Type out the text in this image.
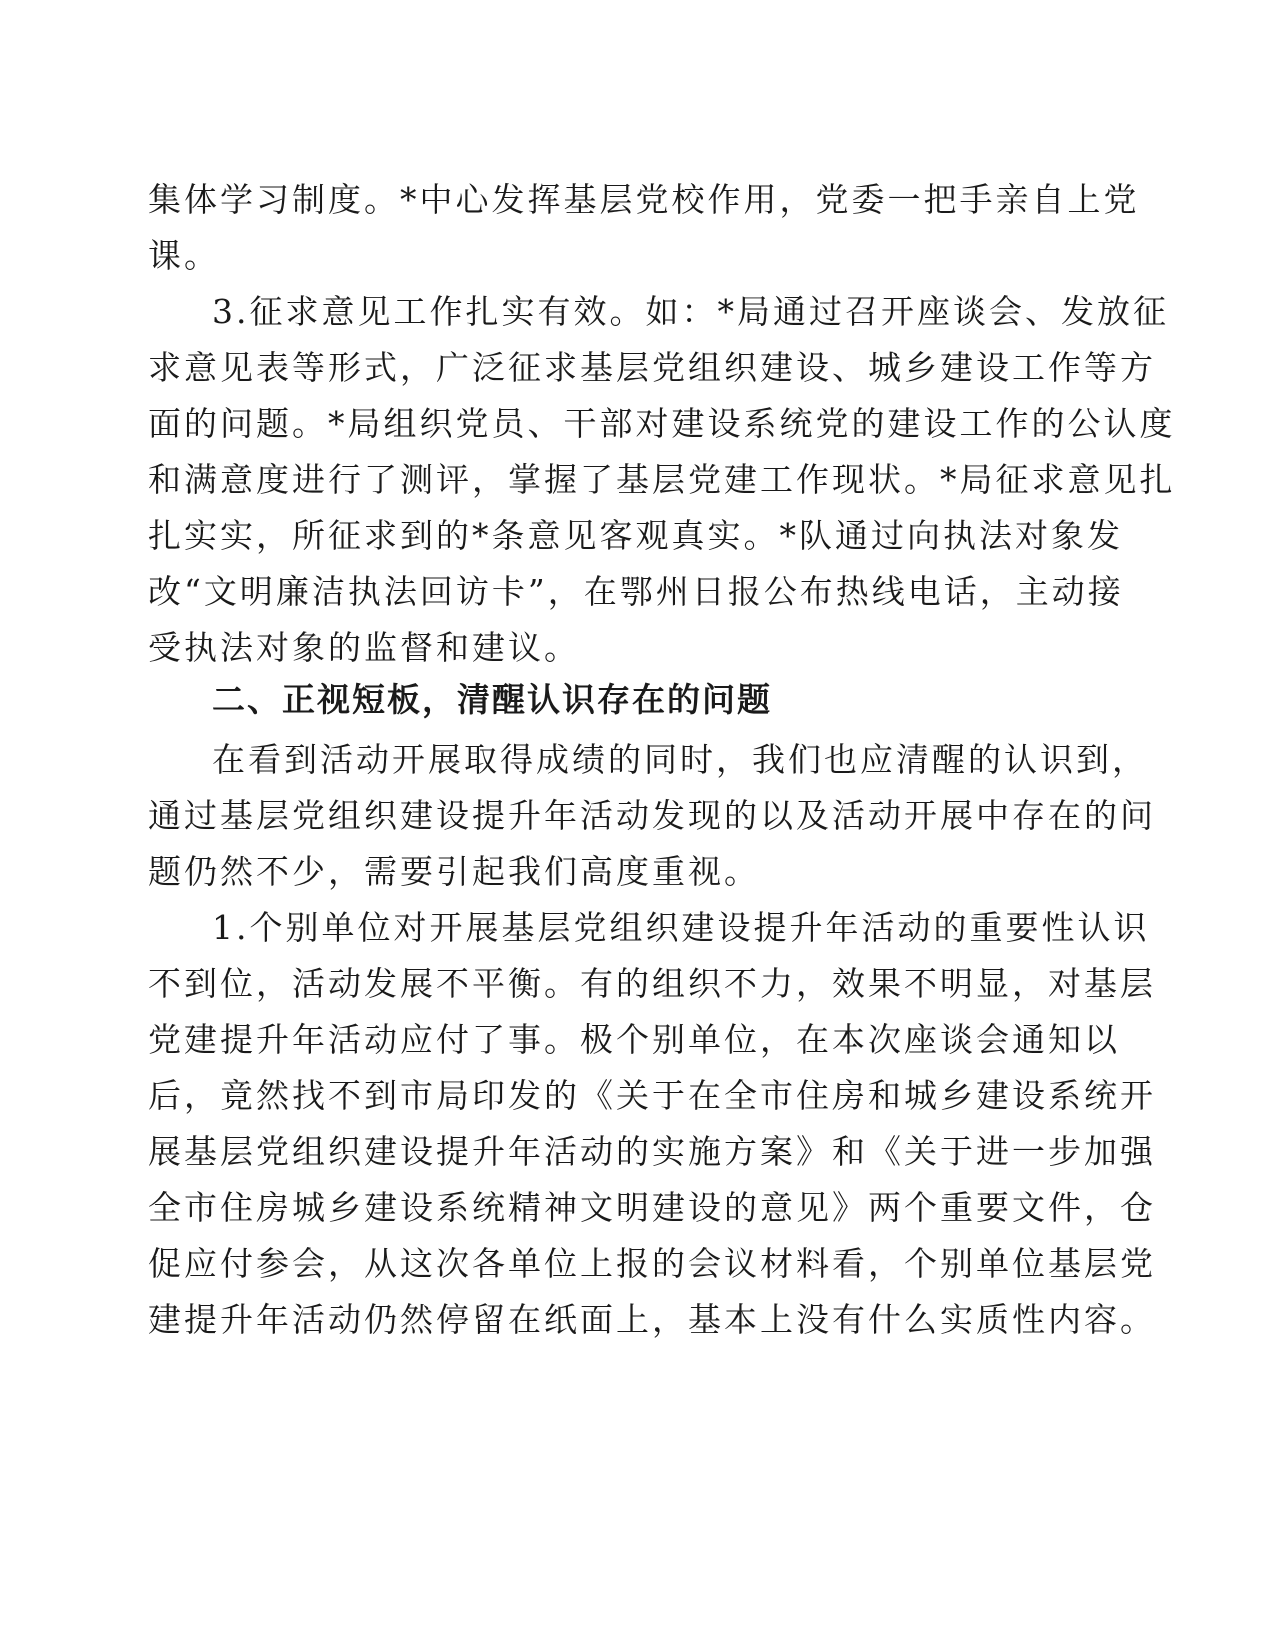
集体学习制度。*中心发挥基层党校作用，党委一把手亲自上党
课。
3.征求意见工作扎实有效。如：*局通过召开座谈会、发放征
求意见表等形式，广泛征求基层党组织建设、城乡建设工作等方
面的问题。*局组织党员、干部对建设系统党的建设工作的公认度
和满意度进行了测评，掌握了基层党建工作现状。*局征求意见扎
扎实实，所征求到的*条意见客观真实。*队通过向执法对象发
改“文明廉洁执法回访卡”，在鄂州日报公布热线电话，主动接
受执法对象的监督和建议。
二、正视短板，清醒认识存在的问题
在看到活动开展取得成绩的同时，我们也应清醒的认识到，
通过基层党组织建设提升年活动发现的以及活动开展中存在的问
题仍然不少，需要引起我们高度重视。
1.个别单位对开展基层党组织建设提升年活动的重要性认识
不到位，活动发展不平衡。有的组织不力，效果不明显，对基层
党建提升年活动应付了事。极个别单位，在本次座谈会通知以
后，竟然找不到市局印发的《关于在全市住房和城乡建设系统开
展基层党组织建设提升年活动的实施方案》和《关于进一步加强
全市住房城乡建设系统精神文明建设的意见》两个重要文件，仓
促应付参会，从这次各单位上报的会议材料看，个别单位基层党
建提升年活动仍然停留在纸面上，基本上没有什么实质性内容。
